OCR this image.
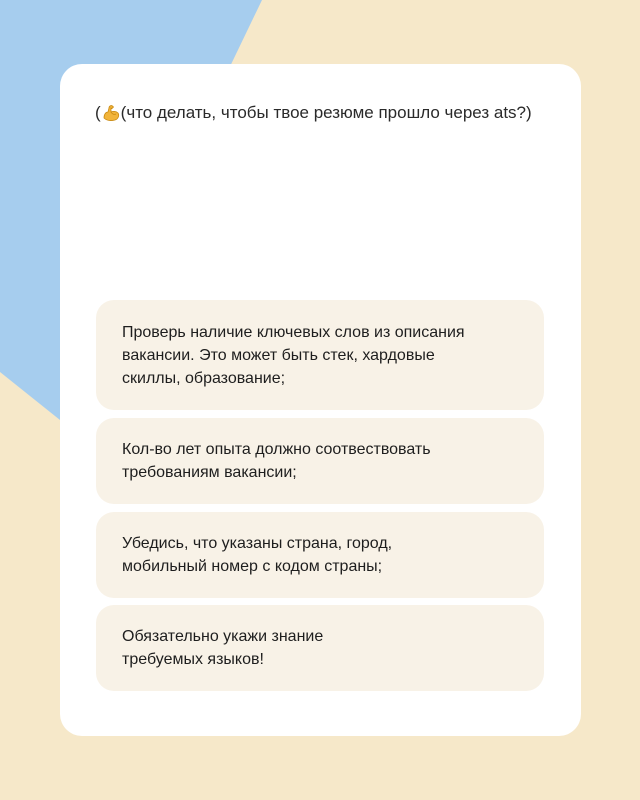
( (что делать, чтобы твое резюме прошло через ats?)
Проверь наличие ключевых слов из описания
вакансии. Это может быть стек, хардовые
скиллы, образование;
Кол-во лет опыта должно соотвествовать
требованиям вакансии;
Убедись, что указаны страна, город,
мобильный номер с кодом страны;
Обязательно укажи знание
требуемых языков!
